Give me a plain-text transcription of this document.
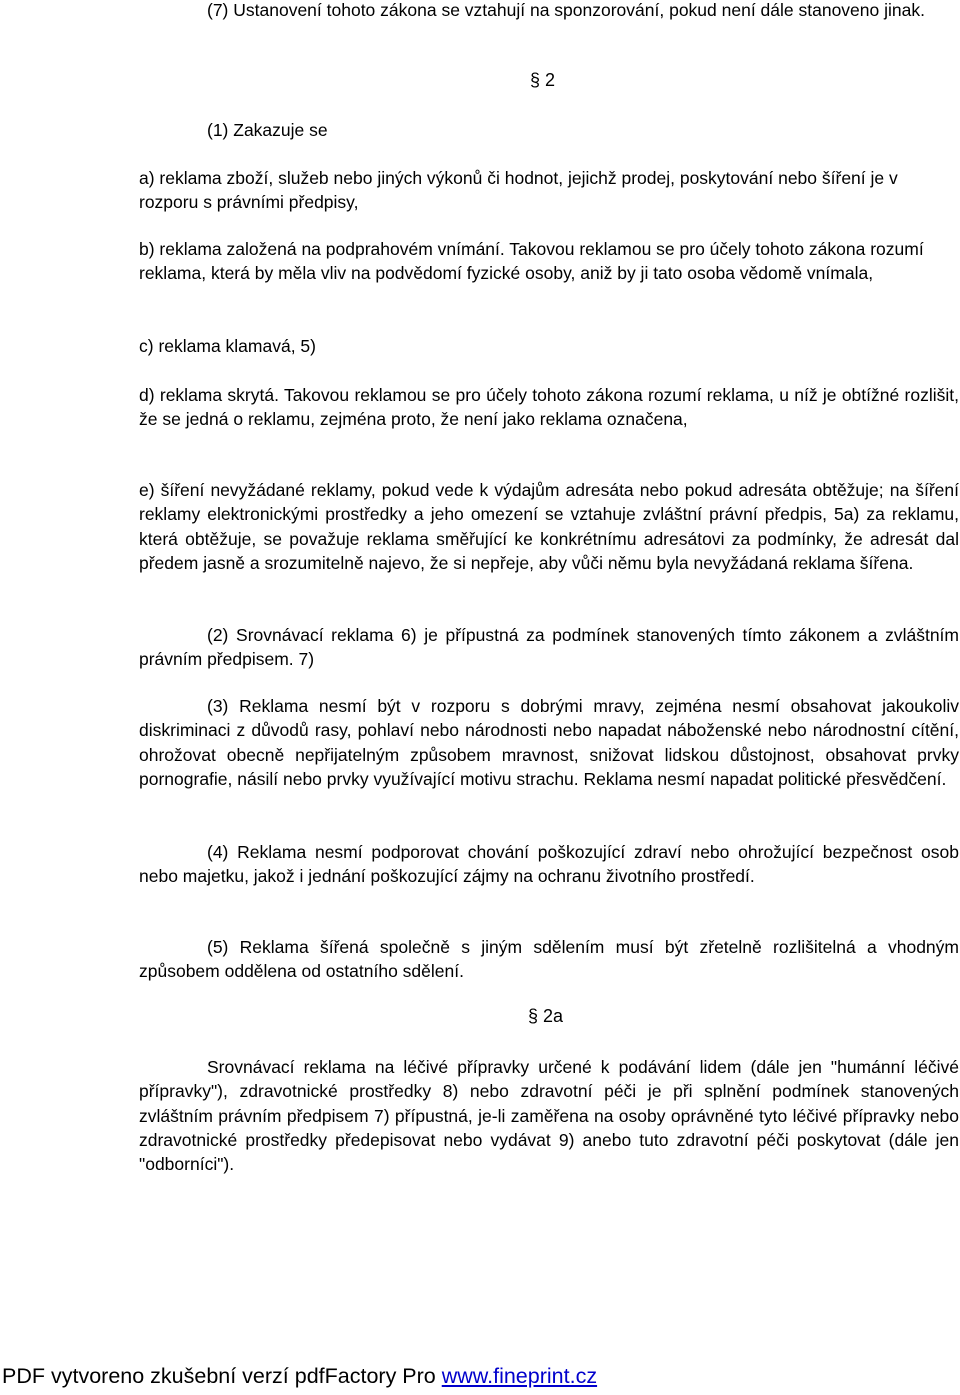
(7) Ustanovení tohoto zákona se vztahují na sponzorování, pokud není dále stanoveno jinak.

§ 2

(1) Zakazuje se

a) reklama zboží, služeb nebo jiných výkonů či hodnot, jejichž prodej, poskytování nebo šíření je v rozporu s právními předpisy,

b) reklama založená na podprahovém vnímání. Takovou reklamou se pro účely tohoto zákona rozumí reklama, která by měla vliv na podvědomí fyzické osoby, aniž by ji tato osoba vědomě vnímala,

c) reklama klamavá, 5)

d) reklama skrytá. Takovou reklamou se pro účely tohoto zákona rozumí reklama, u níž je obtížné rozlišit, že se jedná o reklamu, zejména proto, že není jako reklama označena,

e) šíření nevyžádané reklamy, pokud vede k výdajům adresáta nebo pokud adresáta obtěžuje; na šíření reklamy elektronickými prostředky a jeho omezení se vztahuje zvláštní právní předpis, 5a) za reklamu, která obtěžuje, se považuje reklama směřující ke konkrétnímu adresátovi za podmínky, že adresát dal předem jasně a srozumitelně najevo, že si nepřeje, aby vůči němu byla nevyžádaná reklama šířena.

(2) Srovnávací reklama 6) je přípustná za podmínek stanovených tímto zákonem a zvláštním právním předpisem. 7)

(3) Reklama nesmí být v rozporu s dobrými mravy, zejména nesmí obsahovat jakoukoliv diskriminaci z důvodů rasy, pohlaví nebo národnosti nebo napadat náboženské nebo národnostní cítění, ohrožovat obecně nepřijatelným způsobem mravnost, snižovat lidskou důstojnost, obsahovat prvky pornografie, násilí nebo prvky využívající motivu strachu. Reklama nesmí napadat politické přesvědčení.

(4) Reklama nesmí podporovat chování poškozující zdraví nebo ohrožující bezpečnost osob nebo majetku, jakož i jednání poškozující zájmy na ochranu životního prostředí.

(5) Reklama šířená společně s jiným sdělením musí být zřetelně rozlišitelná a vhodným způsobem oddělena od ostatního sdělení.

§ 2a

Srovnávací reklama na léčivé přípravky určené k podávání lidem (dále jen "humánní léčivé přípravky"), zdravotnické prostředky 8) nebo zdravotní péči je při splnění podmínek stanovených zvláštním právním předpisem 7) přípustná, je-li zaměřena na osoby oprávněné tyto léčivé přípravky nebo zdravotnické prostředky předepisovat nebo vydávat 9) anebo tuto zdravotní péči poskytovat (dále jen "odborníci").

PDF vytvoreno zkušební verzí pdfFactory Pro www.fineprint.cz
